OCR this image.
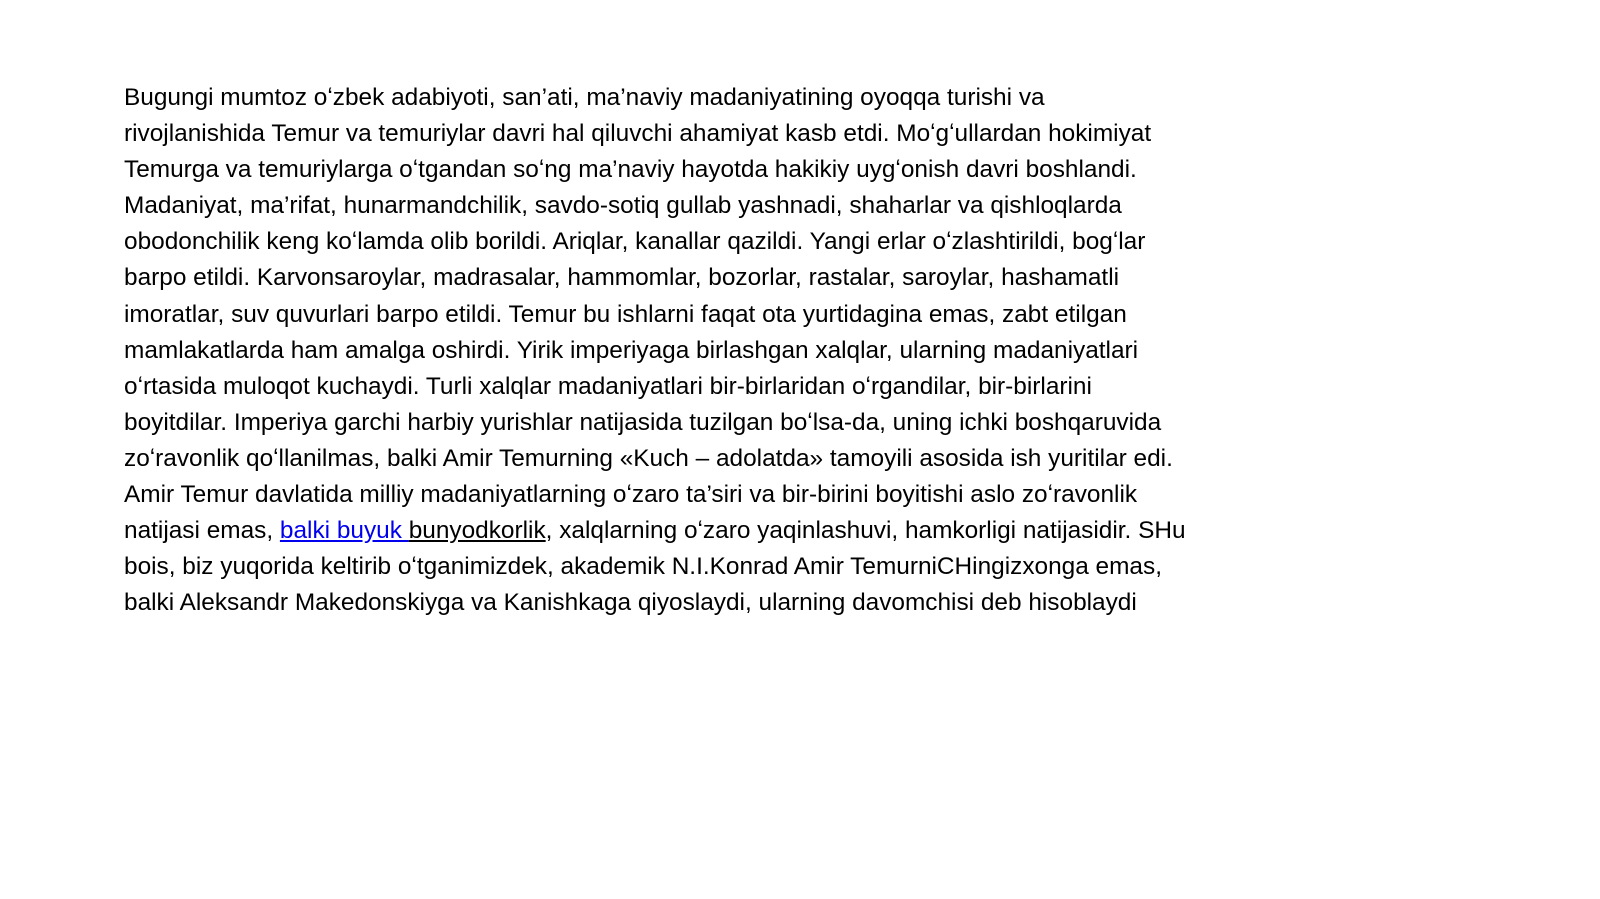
Bugungi mumtoz oʻzbek adabiyoti, san’ati, ma’naviy madaniyatining oyoqqa turishi va
rivojlanishida Temur va temuriylar davri hal qiluvchi ahamiyat kasb etdi. Moʻgʻullardan hokimiyat
Temurga va temuriylarga oʻtgandan soʻng ma’naviy hayotda hakikiy uygʻonish davri boshlandi.
Madaniyat, ma’rifat, hunarmandchilik, savdo-sotiq gullab yashnadi, shaharlar va qishloqlarda
obodonchilik keng koʻlamda olib borildi. Ariqlar, kanallar qazildi. Yangi erlar oʻzlashtirildi, bogʻlar
barpo etildi. Karvonsaroylar, madrasalar, hammomlar, bozorlar, rastalar, saroylar, hashamatli
imoratlar, suv quvurlari barpo etildi. Temur bu ishlarni faqat ota yurtidagina emas, zabt etilgan
mamlakatlarda ham amalga oshirdi. Yirik imperiyaga birlashgan xalqlar, ularning madaniyatlari
oʻrtasida muloqot kuchaydi. Turli xalqlar madaniyatlari bir-birlaridan oʻrgandilar, bir-birlarini
boyitdilar. Imperiya garchi harbiy yurishlar natijasida tuzilgan boʻlsa-da, uning ichki boshqaruvida
zoʻravonlik qoʻllanilmas, balki Amir Temurning «Kuch – adolatda» tamoyili asosida ish yuritilar edi.
Amir Temur davlatida milliy madaniyatlarning oʻzaro ta’siri va bir-birini boyitishi aslo zoʻravonlik
natijasi emas, balki buyuk bunyodkorlik, xalqlarning oʻzaro yaqinlashuvi, hamkorligi natijasidir. SHu
bois, biz yuqorida keltirib oʻtganimizdek, akademik N.I.Konrad Amir TemurniCHingizxonga emas,
balki Aleksandr Makedonskiyga va Kanishkaga qiyoslaydi, ularning davomchisi deb hisoblaydi
